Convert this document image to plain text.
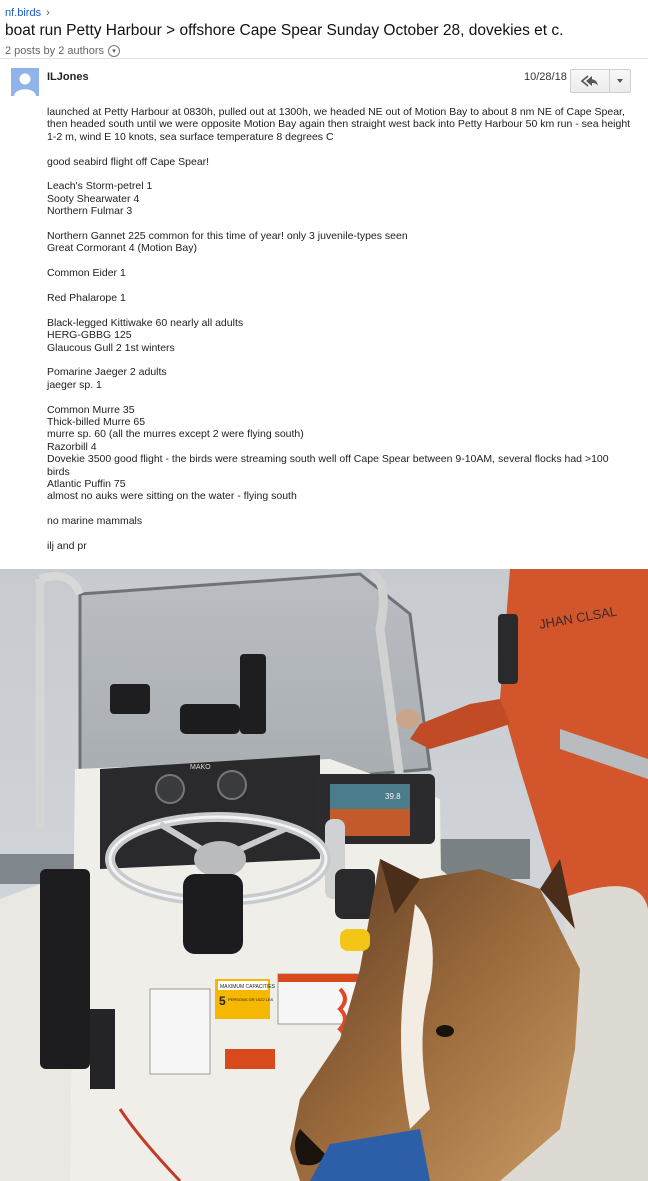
nf.birds ›
boat run Petty Harbour > offshore Cape Spear Sunday October 28, dovekies et c.
2 posts by 2 authors	▾
ILJones	10/28/18

launched at Petty Harbour at 0830h, pulled out at 1300h, we headed NE out of Motion Bay to about 8 nm NE of Cape Spear, then headed south until we were opposite Motion Bay again then straight west back into Petty Harbour 50 km run - sea height 1-2 m, wind E 10 knots, sea surface temperature 8 degrees C

good seabird flight off Cape Spear!

Leach's Storm-petrel 1

Sooty Shearwater 4

Northern Fulmar 3

Northern Gannet 225 common for this time of year! only 3 juvenile-types seen

Great Cormorant 4 (Motion Bay)

Common Eider 1

Red Phalarope 1

Black-legged Kittiwake 60 nearly all adults

HERG-GBBG 125

Glaucous Gull 2 1st winters

Pomarine Jaeger 2 adults

jaeger sp. 1

Common Murre 35

Thick-billed Murre 65

murre sp. 60 (all the murres except 2 were flying south)

Razorbill 4

Dovekie 3500 good flight - the birds were streaming south well off Cape Spear between 9-10AM, several flocks had >100 birds

Atlantic Puffin 75

almost no auks were sitting on the water - flying south

no marine mammals

ilj and pr

MAKO
39.8
MAXIMUM CAPACITIES
5 PERSONS OR 1022 LBS
JHAN CLSAL
